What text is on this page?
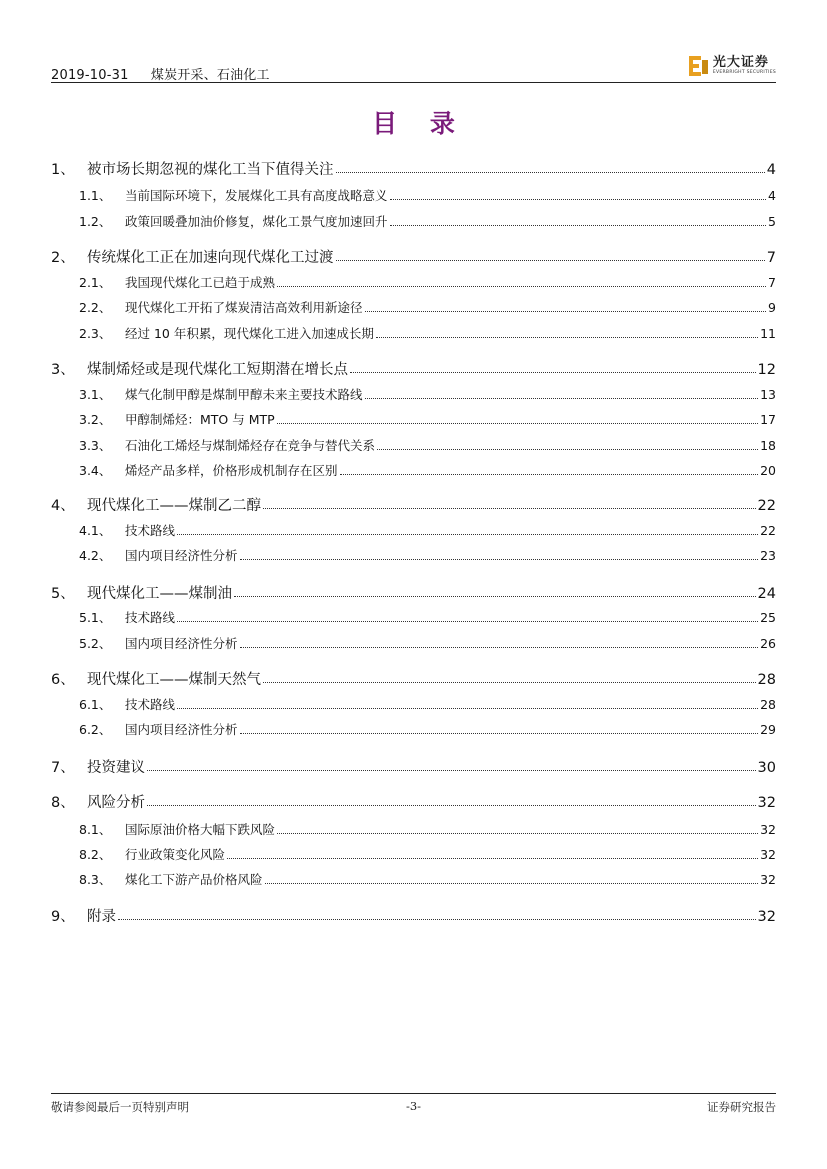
2019-10-31 煤炭开采、石油化工
光大证券
EVERBRIGHT SECURITIES
目 录
1、 被市场长期忽视的煤化工当下值得关注	4
1.1、	当前国际环境下，发展煤化工具有高度战略意义	4
1.2、	政策回暖叠加油价修复，煤化工景气度加速回升	5
2、 传统煤化工正在加速向现代煤化工过渡	7
2.1、	我国现代煤化工已趋于成熟	7
2.2、	现代煤化工开拓了煤炭清洁高效利用新途径	9
2.3、	经过 10 年积累，现代煤化工进入加速成长期	11
3、 煤制烯烃或是现代煤化工短期潜在增长点	12
3.1、	煤气化制甲醇是煤制甲醇未来主要技术路线	13
3.2、	甲醇制烯烃：MTO 与 MTP	17
3.3、	石油化工烯烃与煤制烯烃存在竞争与替代关系	18
3.4、	烯烃产品多样，价格形成机制存在区别	20
4、 现代煤化工——煤制乙二醇	22
4.1、	技术路线	22
4.2、	国内项目经济性分析	23
5、 现代煤化工——煤制油	24
5.1、	技术路线	25
5.2、	国内项目经济性分析	26
6、 现代煤化工——煤制天然气	28
6.1、	技术路线	28
6.2、	国内项目经济性分析	29
7、 投资建议	30
8、 风险分析	32
8.1、	国际原油价格大幅下跌风险	32
8.2、	行业政策变化风险	32
8.3、	煤化工下游产品价格风险	32
9、 附录	32
敬请参阅最后一页特别声明	-3-	证券研究报告
